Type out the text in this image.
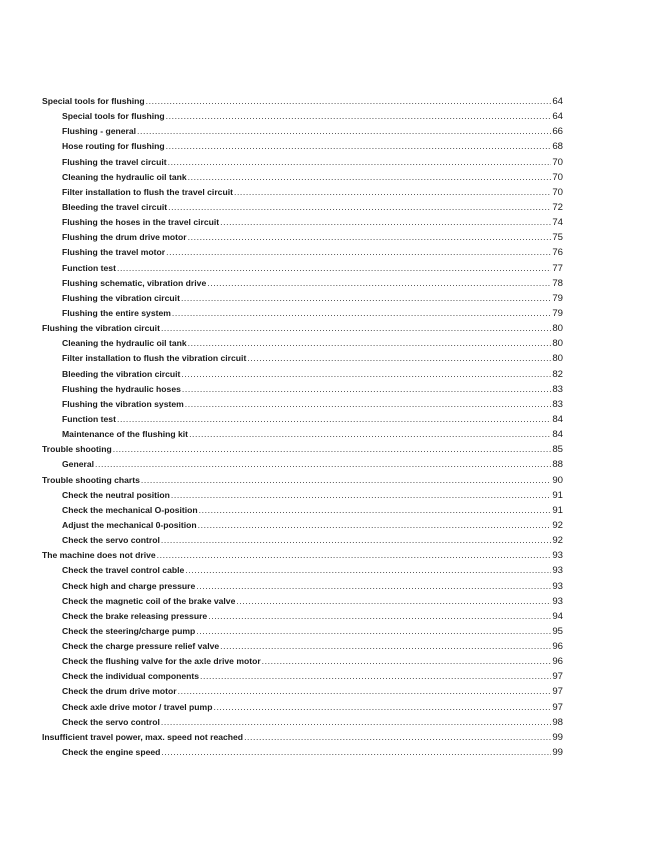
Special tools for flushing .....	64
Special tools for flushing .....	64
Flushing - general .....	66
Hose routing for flushing .....	68
Flushing the travel circuit .....	70
Cleaning the hydraulic oil tank .....	70
Filter installation to flush the travel circuit .....	70
Bleeding the travel circuit .....	72
Flushing the hoses in the travel circuit .....	74
Flushing the drum drive motor .....	75
Flushing the travel motor .....	76
Function test .....	77
Flushing schematic, vibration drive .....	78
Flushing the vibration circuit .....	79
Flushing the entire system .....	79
Flushing the vibration circuit .....	80
Cleaning the hydraulic oil tank .....	80
Filter installation to flush the vibration circuit .....	80
Bleeding the vibration circuit .....	82
Flushing the hydraulic hoses .....	83
Flushing the vibration system .....	83
Function test .....	84
Maintenance of the flushing kit .....	84
Trouble shooting .....	85
General .....	88
Trouble shooting charts .....	90
Check the neutral position .....	91
Check the mechanical O-position .....	91
Adjust the mechanical 0-position .....	92
Check the servo control .....	92
The machine does not drive .....	93
Check the travel control cable .....	93
Check high and charge pressure .....	93
Check the magnetic coil of the brake valve .....	93
Check the brake releasing pressure .....	94
Check the steering/charge pump .....	95
Check the charge pressure relief valve .....	96
Check the flushing valve for the axle drive motor .....	96
Check the individual components .....	97
Check the drum drive motor .....	97
Check axle drive motor / travel pump .....	97
Check the servo control .....	98
Insufficient travel power, max. speed not reached .....	99
Check the engine speed .....	99
